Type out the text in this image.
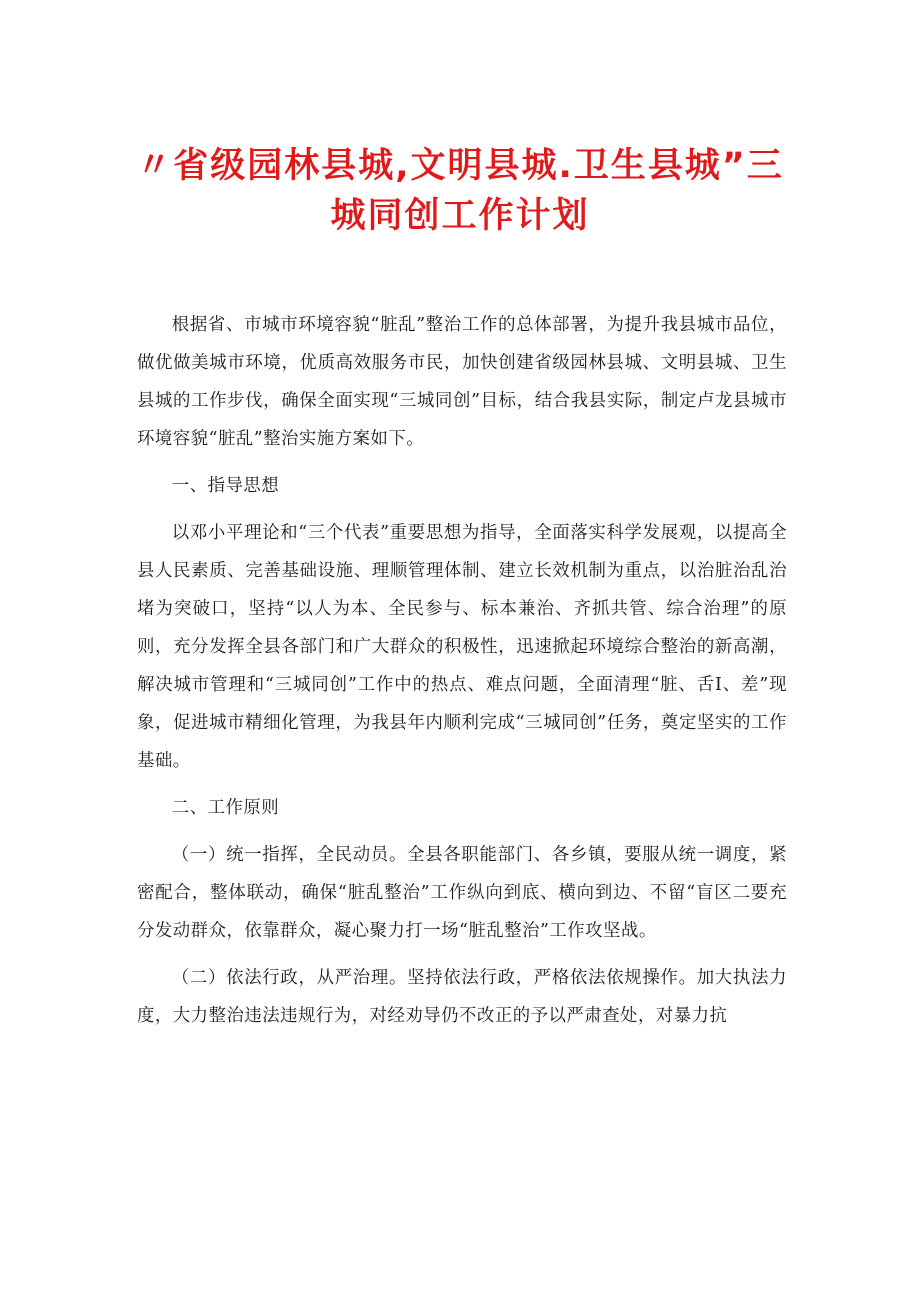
〃省级园林县城,文明县城.卫生县城”三
城同创工作计划

根据省、市城市环境容貌“脏乱”整治工作的总体部署，为提升我县城市品位，做优做美城市环境，优质高效服务市民，加快创建省级园林县城、文明县城、卫生县城的工作步伐，确保全面实现“三城同创”目标，结合我县实际，制定卢龙县城市环境容貌“脏乱”整治实施方案如下。

一、指导思想

以邓小平理论和“三个代表”重要思想为指导，全面落实科学发展观，以提高全县人民素质、完善基础设施、理顺管理体制、建立长效机制为重点，以治脏治乱治堵为突破口，坚持“以人为本、全民参与、标本兼治、齐抓共管、综合治理”的原则，充分发挥全县各部门和广大群众的积极性，迅速掀起环境综合整治的新高潮，解决城市管理和“三城同创”工作中的热点、难点问题，全面清理“脏、舌I、差”现象，促进城市精细化管理，为我县年内顺利完成“三城同创”任务，奠定坚实的工作基础。

二、工作原则

（一）统一指挥，全民动员。全县各职能部门、各乡镇，要服从统一调度，紧密配合，整体联动，确保“脏乱整治”工作纵向到底、横向到边、不留“盲区二要充分发动群众，依靠群众，凝心聚力打一场“脏乱整治”工作攻坚战。

（二）依法行政，从严治理。坚持依法行政，严格依法依规操作。加大执法力度，大力整治违法违规行为，对经劝导仍不改正的予以严肃查处，对暴力抗
